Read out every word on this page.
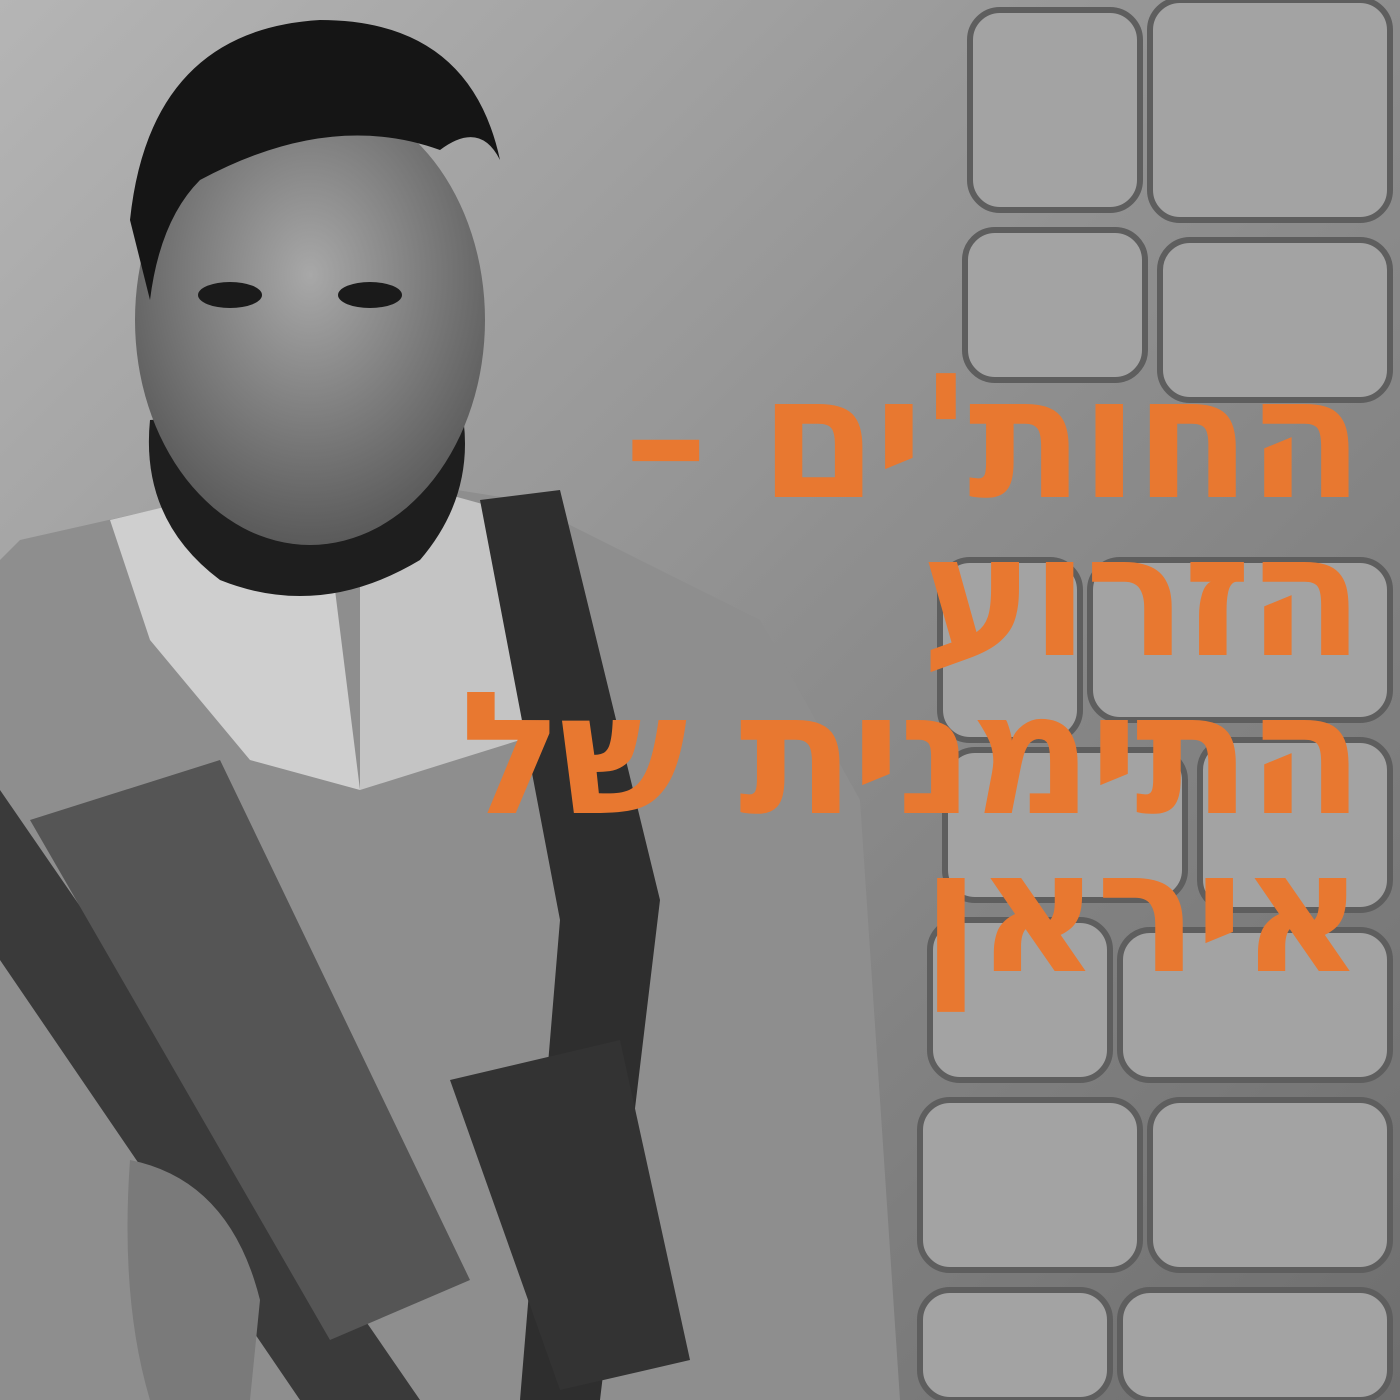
החות'ים –
הזרוע
התימנית של
איראן
